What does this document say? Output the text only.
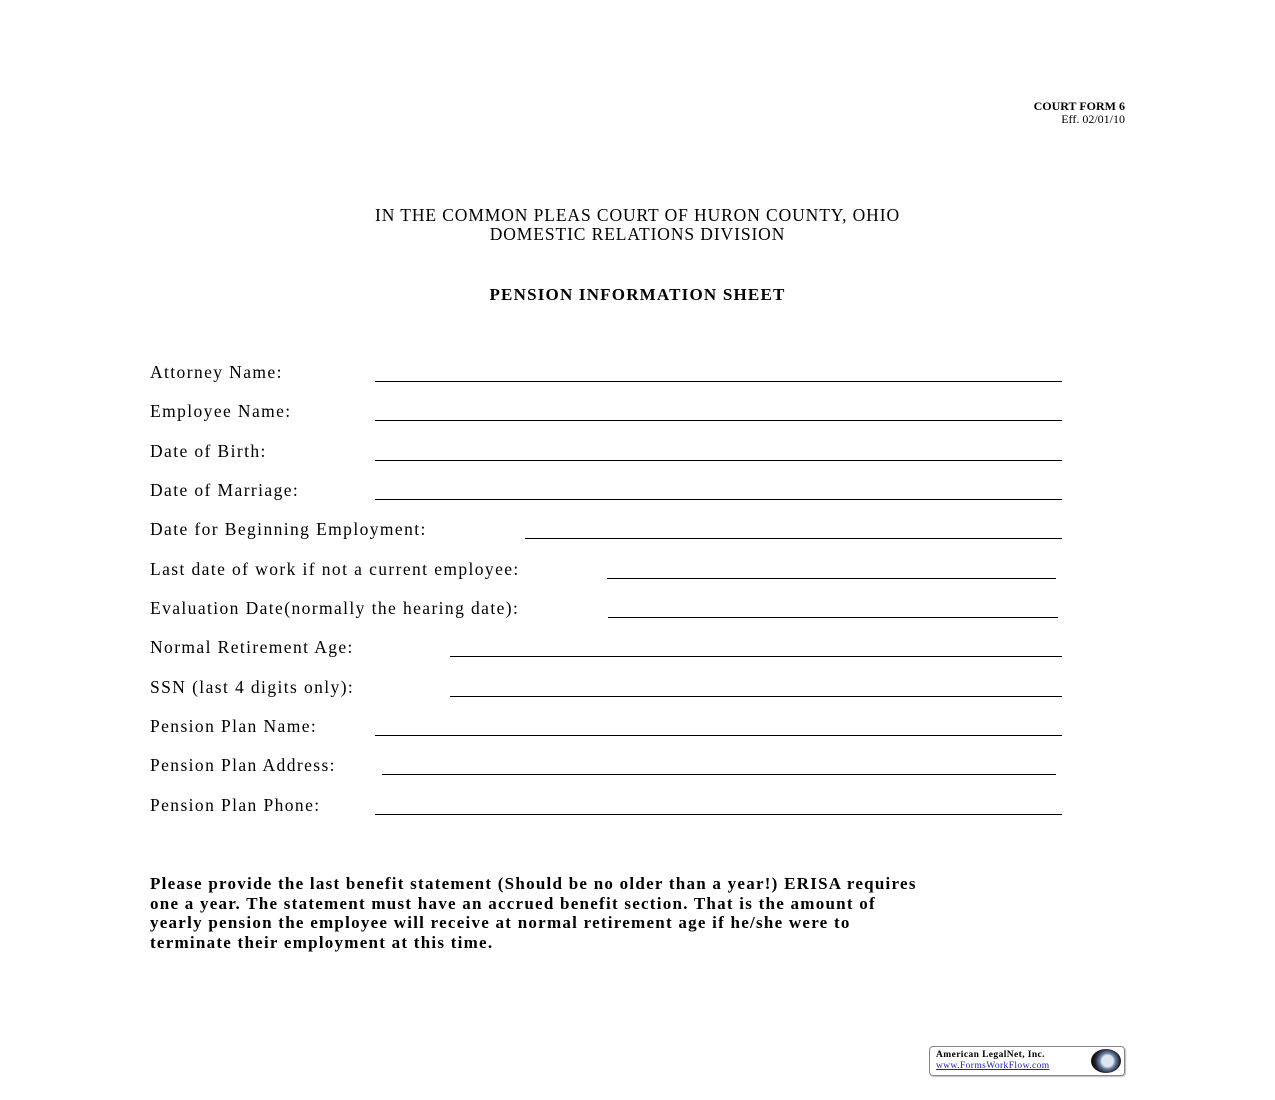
COURT FORM 6
Eff. 02/01/10
IN THE COMMON PLEAS COURT OF HURON COUNTY, OHIO
DOMESTIC RELATIONS DIVISION
PENSION INFORMATION SHEET
Attorney Name:
Employee Name:
Date of Birth:
Date of Marriage:
Date for Beginning Employment:
Last date of work if not a current employee:
Evaluation Date(normally the hearing date):
Normal Retirement Age:
SSN (last 4 digits only):
Pension Plan Name:
Pension Plan Address:
Pension Plan Phone:
Please provide the last benefit statement (Should be no older than a year!) ERISA requires
one a year. The statement must have an accrued benefit section. That is the amount of
yearly pension the employee will receive at normal retirement age if he/she were to
terminate their employment at this time.
American LegalNet, Inc.
www.FormsWorkFlow.com
